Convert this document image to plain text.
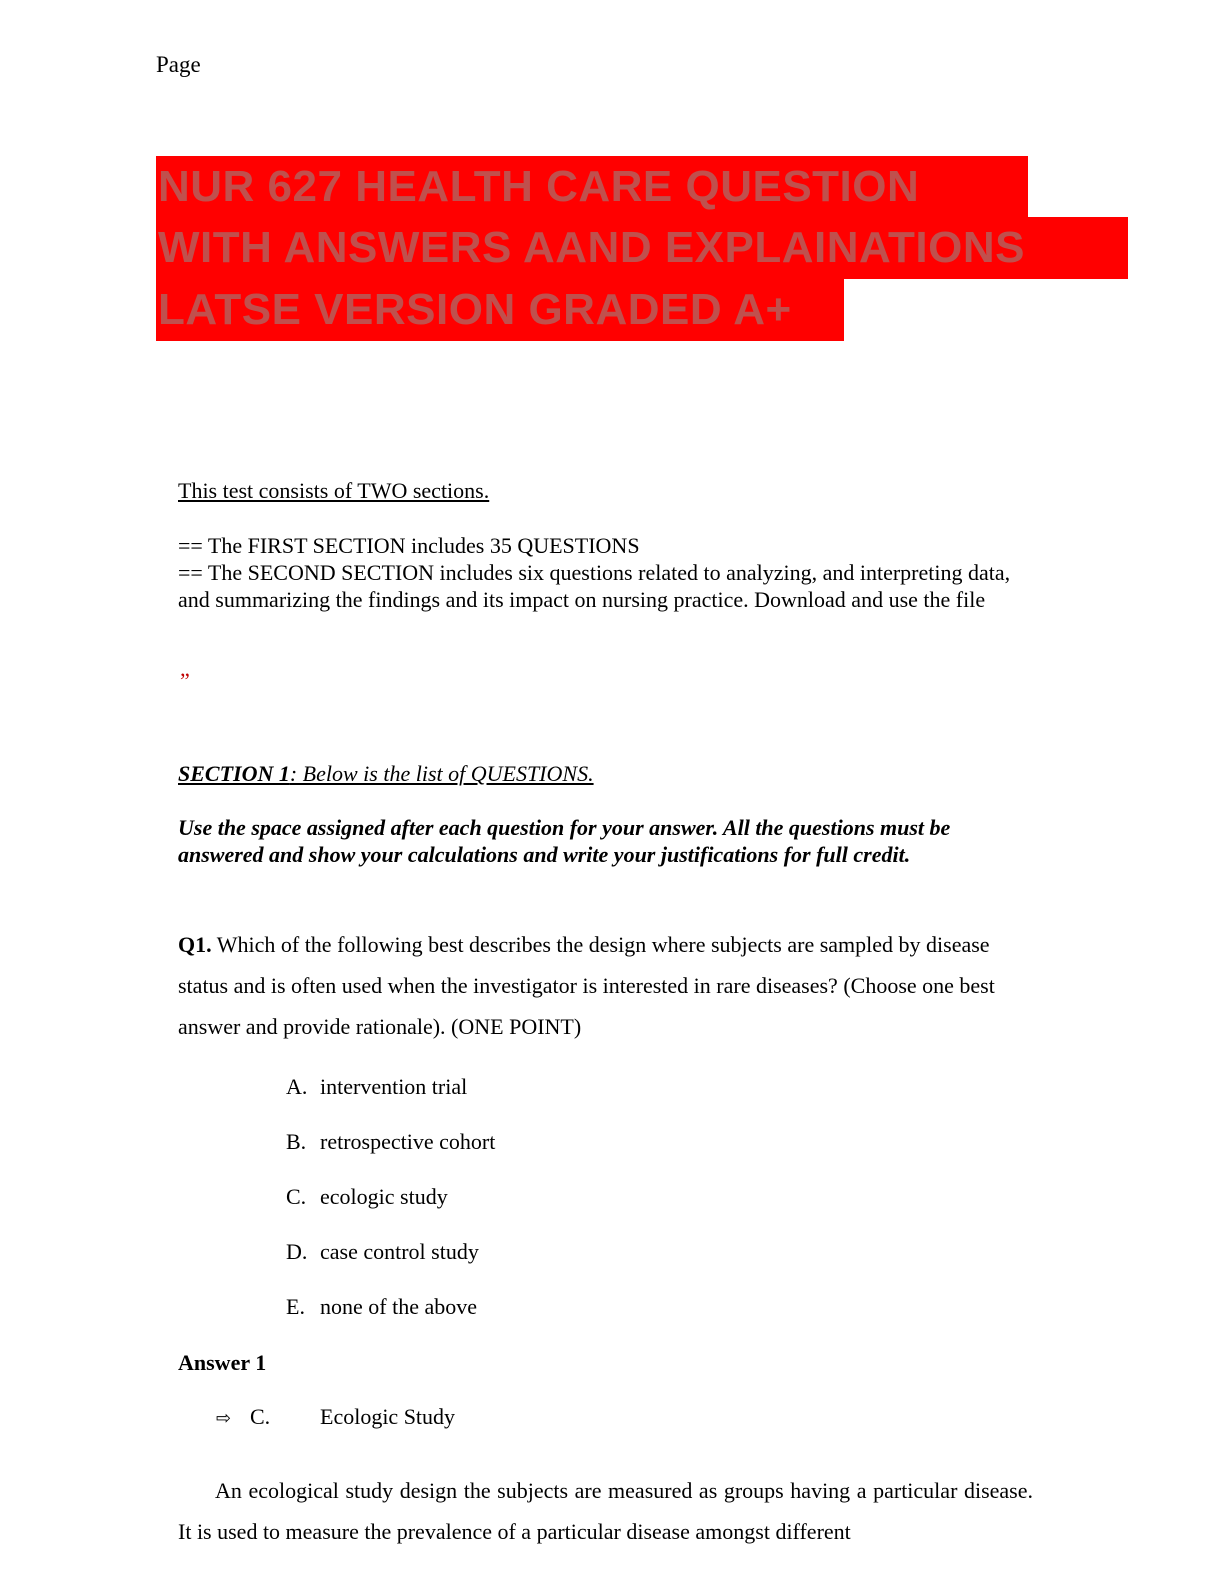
Page
NUR 627 HEALTH CARE QUESTION
WITH ANSWERS AAND EXPLAINATIONS
LATSE VERSION GRADED A+
This test consists of TWO sections.
== The FIRST SECTION includes 35 QUESTIONS
== The SECOND SECTION includes six questions related to analyzing, and interpreting data, and summarizing the findings and its impact on nursing practice. Download and use the file
”
SECTION 1: Below is the list of QUESTIONS.
Use the space assigned after each question for your answer. All the questions must be answered and show your calculations and write your justifications for full credit.
Q1. Which of the following best describes the design where subjects are sampled by disease status and is often used when the investigator is interested in rare diseases? (Choose one best answer and provide rationale). (ONE POINT)
A. intervention trial
B. retrospective cohort
C. ecologic study
D. case control study
E. none of the above
Answer 1
⇨ C. Ecologic Study
An ecological study design the subjects are measured as groups having a particular disease. It is used to measure the prevalence of a particular disease amongst different
